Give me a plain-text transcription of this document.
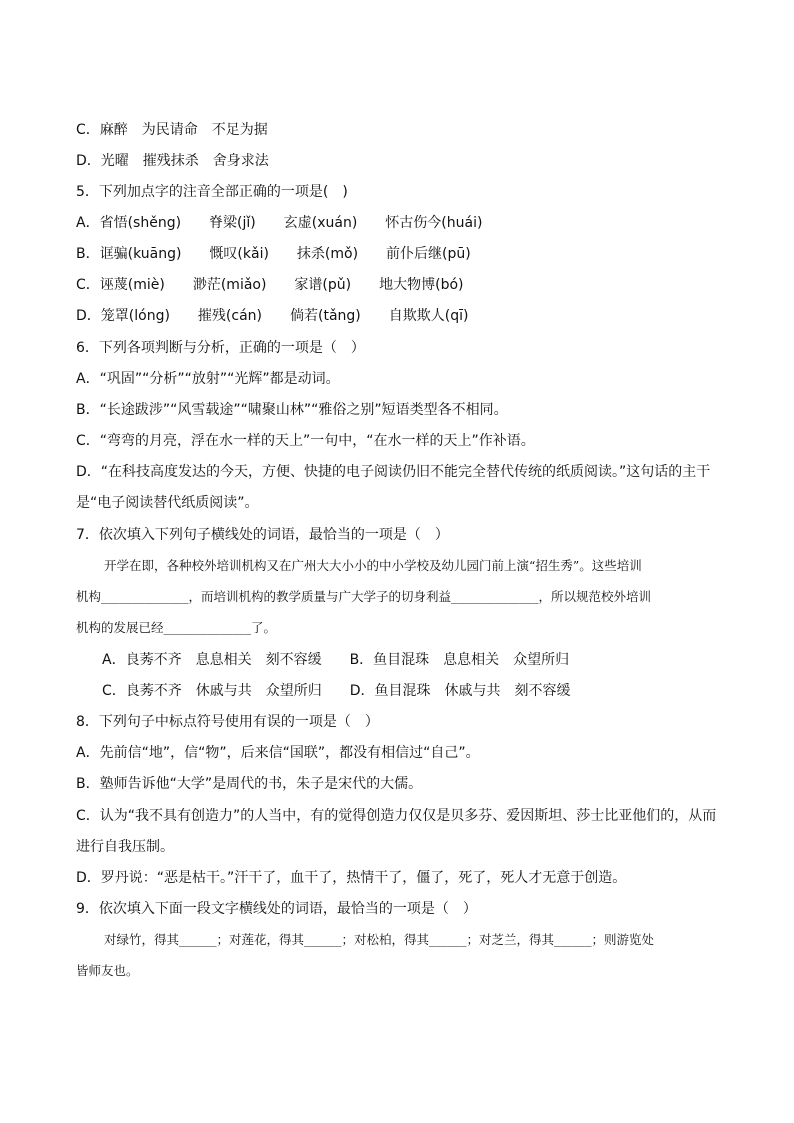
C．麻醉　为民请命　不足为据
D．光曜　摧残抹杀　舍身求法
5．下列加点字的注音全部正确的一项是(　)
A．省悟(shěng)　　脊梁(jǐ)　　玄虚(xuán)　　怀古伤今(huái)
B．诓骗(kuāng)　　慨叹(kǎi)　　抹杀(mǒ)　　前仆后继(pū)
C．诬蔑(miè)　　渺茫(miǎo)　　家谱(pǔ)　　地大物博(bó)
D．笼罩(lóng)　　摧残(cán)　　倘若(tǎng)　　自欺欺人(qī)
6．下列各项判断与分析，正确的一项是（　）
A．“巩固”“分析”“放射”“光辉”都是动词。
B．“长途跋涉”“风雪载途”“啸聚山林”“雅俗之别”短语类型各不相同。
C．“弯弯的月亮，浮在水一样的天上”一句中，“在水一样的天上”作补语。
D．“在科技高度发达的今天，方便、快捷的电子阅读仍旧不能完全替代传统的纸质阅读。”这句话的主干
是“电子阅读替代纸质阅读”。
7．依次填入下列句子横线处的词语，最恰当的一项是（　）
开学在即，各种校外培训机构又在广州大大小小的中小学校及幼儿园门前上演“招生秀”。这些培训
机构______________，而培训机构的教学质量与广大学子的切身利益______________，所以规范校外培训
机构的发展已经______________了。
A．良莠不齐　息息相关　刻不容缓　　B．鱼目混珠　息息相关　众望所归
C．良莠不齐　休戚与共　众望所归　　D．鱼目混珠　休戚与共　刻不容缓
8．下列句子中标点符号使用有误的一项是（　）
A．先前信“地”，信“物”，后来信“国联”，都没有相信过“自己”。
B．塾师告诉他“大学”是周代的书，朱子是宋代的大儒。
C．认为“我不具有创造力”的人当中，有的觉得创造力仅仅是贝多芬、爱因斯坦、莎士比亚他们的，从而
进行自我压制。
D．罗丹说：“恶是枯干。”汗干了，血干了，热情干了，僵了，死了，死人才无意于创造。
9．依次填入下面一段文字横线处的词语，最恰当的一项是（　）
对绿竹，得其______；对莲花，得其______；对松柏，得其______；对芝兰，得其______；则游览处
皆师友也。
